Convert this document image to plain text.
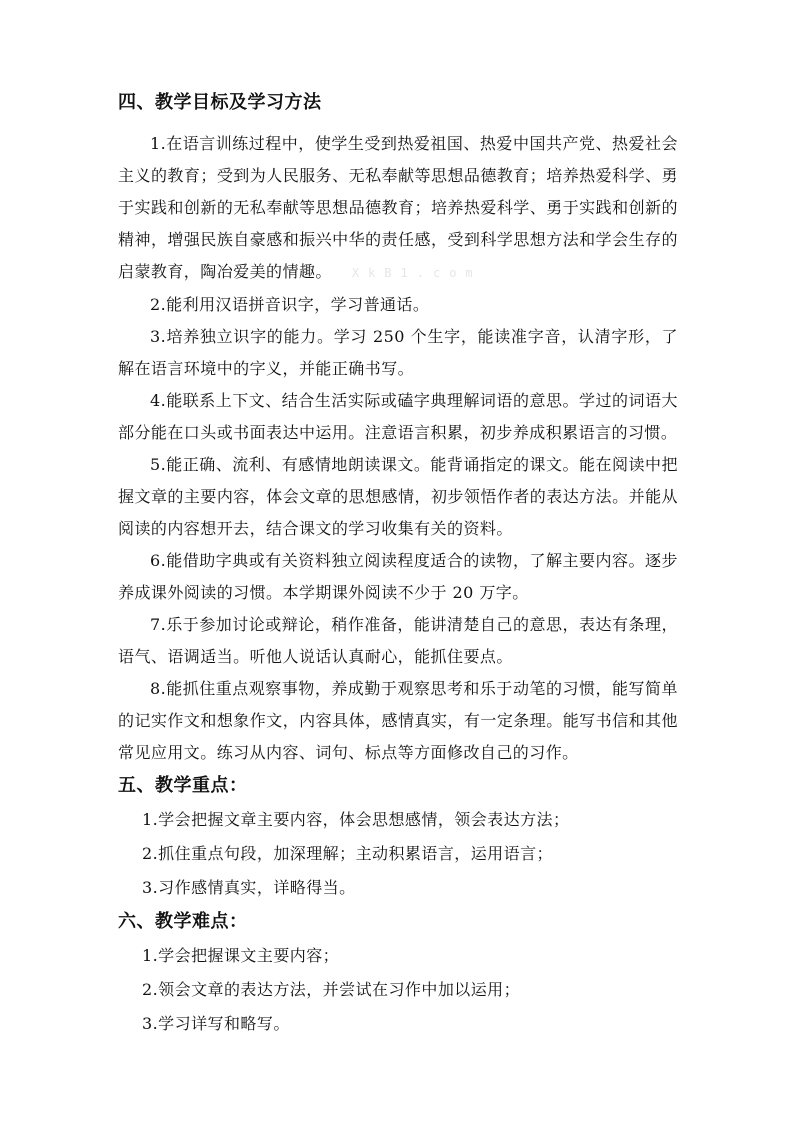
四、教学目标及学习方法

1.在语言训练过程中，使学生受到热爱祖国、热爱中国共产党、热爱社会主义的教育；受到为人民服务、无私奉献等思想品德教育；培养热爱科学、勇于实践和创新的无私奉献等思想品德教育；培养热爱科学、勇于实践和创新的精神，增强民族自豪感和振兴中华的责任感，受到科学思想方法和学会生存的启蒙教育，陶冶爱美的情趣。 XkB1.com

2.能利用汉语拼音识字，学习普通话。

3.培养独立识字的能力。学习 250 个生字，能读准字音，认清字形，了解在语言环境中的字义，并能正确书写。

4.能联系上下文、结合生活实际或磕字典理解词语的意思。学过的词语大部分能在口头或书面表达中运用。注意语言积累，初步养成积累语言的习惯。

5.能正确、流利、有感情地朗读课文。能背诵指定的课文。能在阅读中把握文章的主要内容，体会文章的思想感情，初步领悟作者的表达方法。并能从阅读的内容想开去，结合课文的学习收集有关的资料。

6.能借助字典或有关资料独立阅读程度适合的读物，了解主要内容。逐步养成课外阅读的习惯。本学期课外阅读不少于 20 万字。

7.乐于参加讨论或辩论，稍作准备，能讲清楚自己的意思，表达有条理，语气、语调适当。听他人说话认真耐心，能抓住要点。

8.能抓住重点观察事物，养成勤于观察思考和乐于动笔的习惯，能写简单的记实作文和想象作文，内容具体，感情真实，有一定条理。能写书信和其他常见应用文。练习从内容、词句、标点等方面修改自己的习作。

五、教学重点：

1.学会把握文章主要内容，体会思想感情，领会表达方法；

2.抓住重点句段，加深理解；主动积累语言，运用语言；

3.习作感情真实，详略得当。

六、教学难点：

1.学会把握课文主要内容；

2.领会文章的表达方法，并尝试在习作中加以运用；

3.学习详写和略写。
